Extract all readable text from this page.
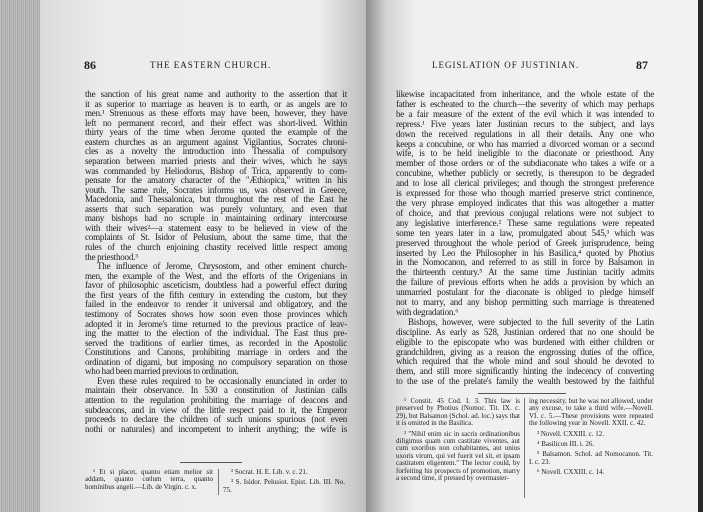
86	THE EASTERN CHURCH.
the sanction of his great name and authority to the assertion that it
it as superior to marriage as heaven is to earth, or as angels are to
men.¹ Strenuous as these efforts may have been, however, they have
left no permanent record, and their effect was short-lived. Within
thirty years of the time when Jerome quoted the example of the
eastern churches as an argument against Vigilantius, Socrates chroni-
cles as a novelty the introduction into Thessalia of compulsory
separation between married priests and their wives, which he says
was commanded by Heliodorus, Bishop of Trica, apparently to com-
pensate for the amatory character of the "Æthiopica," written in his
youth. The same rule, Socrates informs us, was observed in Greece,
Macedonia, and Thessalonica, but throughout the rest of the East he
asserts that such separation was purely voluntary, and even that
many bishops had no scruple in maintaining ordinary intercourse
with their wives²—a statement easy to be believed in view of the
complaints of St. Isidor of Pelusium, about the same time, that the
rules of the church enjoining chastity received little respect among
the priesthood.³
The influence of Jerome, Chrysostom, and other eminent church-
men, the example of the West, and the efforts of the Origenians in
favor of philosophic asceticism, doubtless had a powerful effect during
the first years of the fifth century in extending the custom, but they
failed in the endeavor to render it universal and obligatory, and the
testimony of Socrates shows how soon even those provinces which
adopted it in Jerome's time returned to the previous practice of leav-
ing the matter to the election of the individual. The East thus pre-
served the traditions of earlier times, as recorded in the Apostolic
Constitutions and Canons, prohibiting marriage in orders and the
ordination of digami, but imposing no compulsory separation on those
who had been married previous to ordination.
Even these rules required to be occasionally enunciated in order to
maintain their observance. In 530 a constitution of Justinian calls
attention to the regulation prohibiting the marriage of deacons and
subdeacons, and in view of the little respect paid to it, the Emperor
proceeds to declare the children of such unions spurious (not even
nothi or naturales) and incompetent to inherit anything; the wife is

¹ Et si placet, quanto etiam melior sit addam, quanto cœlum terra, quanto hominibus angeli.—Lib. de Virgin. c. x.

² Socrat. H. E. Lib. v. c. 21.

³ S. Isidor. Pelusiot. Epist. Lib. III. No. 75.

LEGISLATION OF JUSTINIAN.	87
likewise incapacitated from inheritance, and the whole estate of the
father is escheated to the church—the severity of which may perhaps
be a fair measure of the extent of the evil which it was intended to
repress.¹ Five years later Justinian recurs to the subject, and lays
down the received regulations in all their details. Any one who
keeps a concubine, or who has married a divorced woman or a second
wife, is to be held ineligible to the diaconate or priesthood. Any
member of those orders or of the subdiaconate who takes a wife or a
concubine, whether publicly or secretly, is thereupon to be degraded
and to lose all clerical privileges; and though the strongest preference
is expressed for those who though married preserve strict continence,
the very phrase employed indicates that this was altogether a matter
of choice, and that previous conjugal relations were not subject to
any legislative interference.² These same regulations were repeated
some ten years later in a law, promulgated about 545,³ which was
preserved throughout the whole period of Greek jurisprudence, being
inserted by Leo the Philosopher in his Basilica,⁴ quoted by Photius
in the Nomocanon, and referred to as still in force by Balsamon in
the thirteenth century.⁵ At the same time Justinian tacitly admits
the failure of previous efforts when he adds a provision by which an
unmarried postulant for the diaconate is obliged to pledge himself
not to marry, and any bishop permitting such marriage is threatened
with degradation.⁶
Bishops, however, were subjected to the full severity of the Latin
discipline. As early as 528, Justinian ordered that no one should be
eligible to the episcopate who was burdened with either children or
grandchildren, giving as a reason the engrossing duties of the office,
which required that the whole mind and soul should be devoted to
them, and still more significantly hinting the indecency of converting
to the use of the prelate's family the wealth bestowed by the faithful

¹ Constit. 45 Cod. I. 3. This law is preserved by Photius (Nomoc. Tit. IX. c. 29), but Balsamon (Schol. ad. loc.) says that it is omitted in the Basilica.

² "Nihil enim sic in sacris ordinationibus diligimus quam cum castitate viventes, aut cum uxoribus non cohabitantes, aut unius uxoris virum, qui vel fuerit vel sit, et ipsam castitatem eligentem." The lector could, by forfeiting his prospects of promotion, marry a second time, if pressed by overmaster-

ing necessity, but he was not allowed, under any excuse, to take a third wife.—Novell. VI. c. 5.—These provisions were repeated the following year in Novell. XXII. c. 42.

³ Novell. CXXIII. c. 12.

⁴ Basilicon III. i. 26.

⁵ Balsamon. Schol. ad Nomocanon. Tit. I. c. 23.

⁶ Novell. CXXIII. c. 14.
